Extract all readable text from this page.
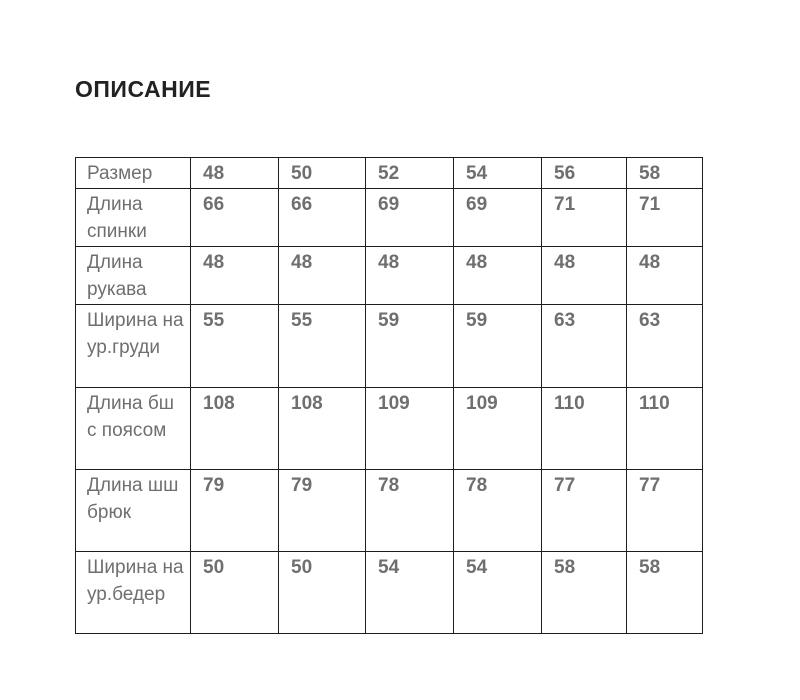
ОПИСАНИЕ
Размер	48	50	52	54	56	58
Длина спинки	66	66	69	69	71	71
Длина рукава	48	48	48	48	48	48
Ширина на ур.груди	55	55	59	59	63	63
Длина бш с поясом	108	108	109	109	110	110
Длина шш брюк	79	79	78	78	77	77
Ширина на ур.бедер	50	50	54	54	58	58
